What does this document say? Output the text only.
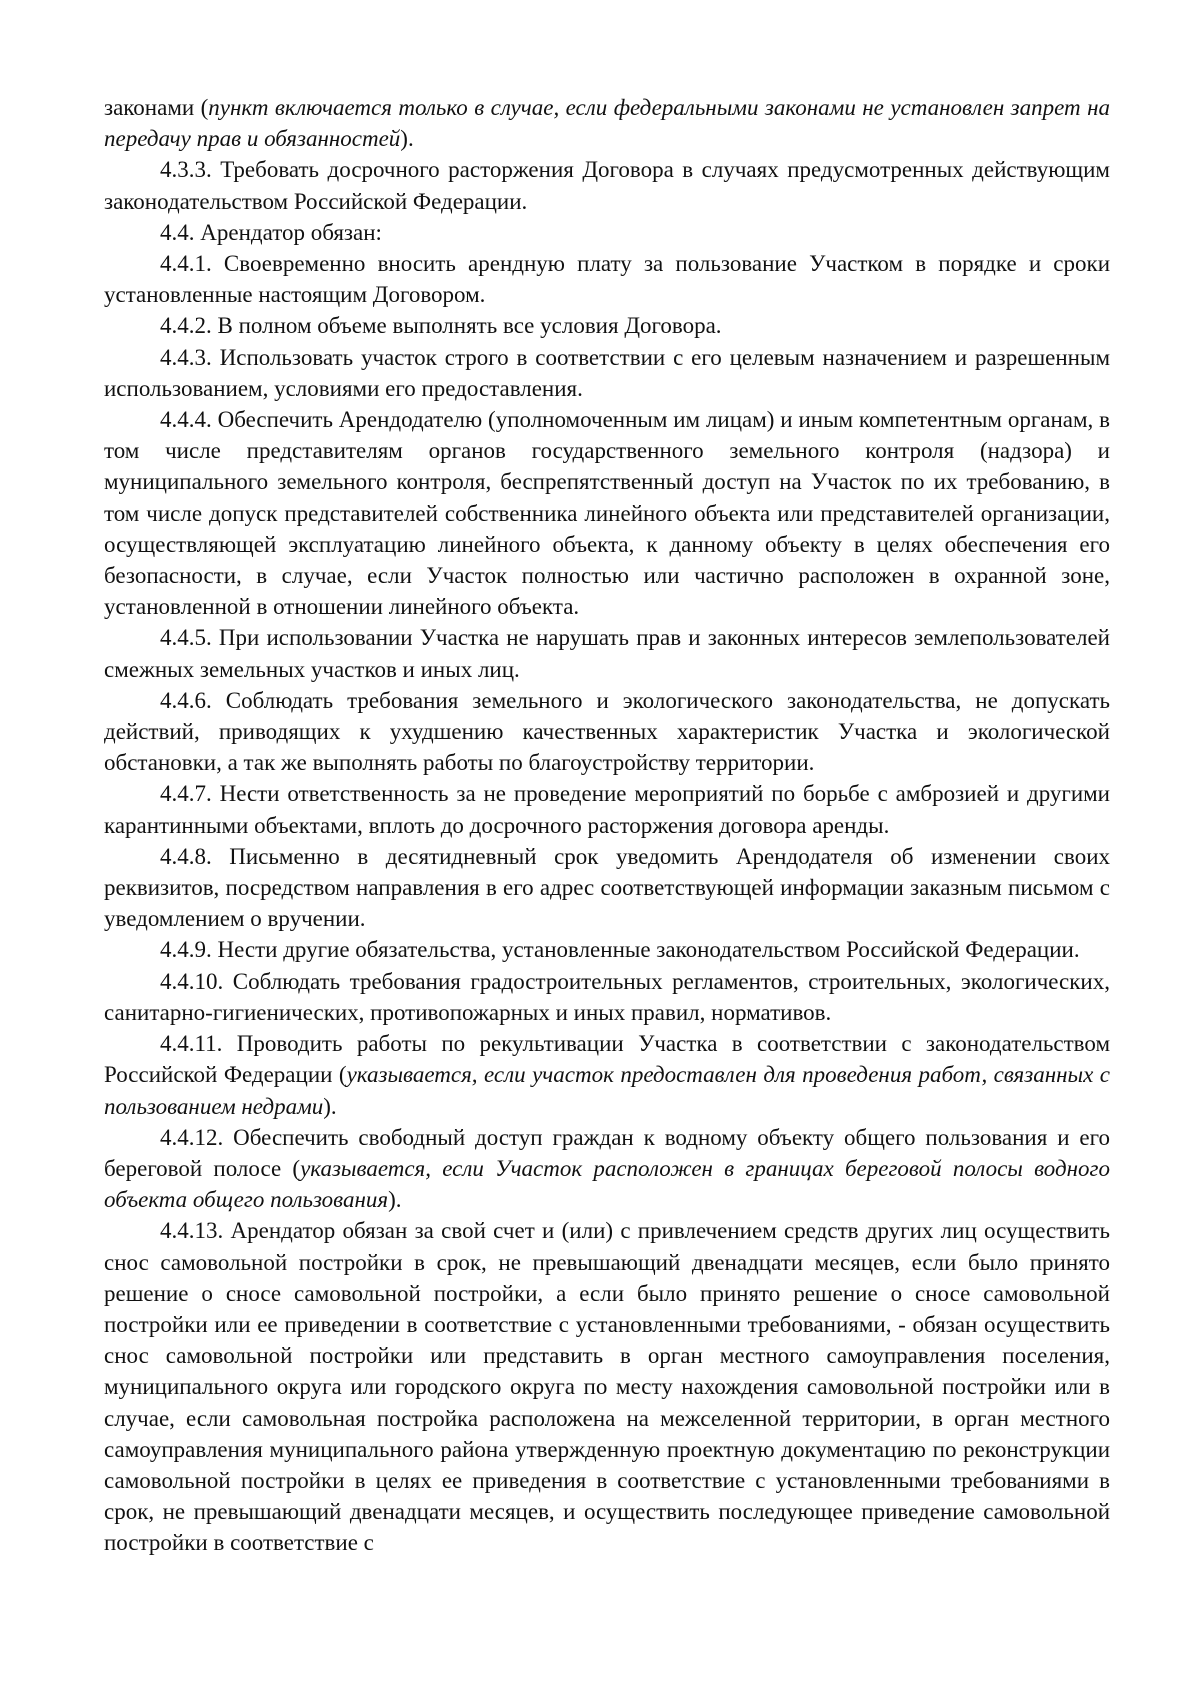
законами (пункт включается только в случае, если федеральными законами не установлен запрет на передачу прав и обязанностей).

4.3.3. Требовать досрочного расторжения Договора в случаях предусмотренных действующим законодательством Российской Федерации.

4.4. Арендатор обязан:

4.4.1. Своевременно вносить арендную плату за пользование Участком в порядке и сроки установленные настоящим Договором.

4.4.2. В полном объеме выполнять все условия Договора.

4.4.3. Использовать участок строго в соответствии с его целевым назначением и разрешенным использованием, условиями его предоставления.

4.4.4. Обеспечить Арендодателю (уполномоченным им лицам) и иным компетентным органам, в том числе представителям органов государственного земельного контроля (надзора) и муниципального земельного контроля, беспрепятственный доступ на Участок по их требованию, в том числе допуск представителей собственника линейного объекта или представителей организации, осуществляющей эксплуатацию линейного объекта, к данному объекту в целях обеспечения его безопасности, в случае, если Участок полностью или частично расположен в охранной зоне, установленной в отношении линейного объекта.

4.4.5. При использовании Участка не нарушать прав и законных интересов землепользователей смежных земельных участков и иных лиц.

4.4.6. Соблюдать требования земельного и экологического законодательства, не допускать действий, приводящих к ухудшению качественных характеристик Участка и экологической обстановки, а так же выполнять работы по благоустройству территории.

4.4.7. Нести ответственность за не проведение мероприятий по борьбе с амброзией и другими карантинными объектами, вплоть до досрочного расторжения договора аренды.

4.4.8. Письменно в десятидневный срок уведомить Арендодателя об изменении своих реквизитов, посредством направления в его адрес соответствующей информации заказным письмом с уведомлением о вручении.

4.4.9. Нести другие обязательства, установленные законодательством Российской Федерации.

4.4.10. Соблюдать требования градостроительных регламентов, строительных, экологических, санитарно-гигиенических, противопожарных и иных правил, нормативов.

4.4.11. Проводить работы по рекультивации Участка в соответствии с законодательством Российской Федерации (указывается, если участок предоставлен для проведения работ, связанных с пользованием недрами).

4.4.12. Обеспечить свободный доступ граждан к водному объекту общего пользования и его береговой полосе (указывается, если Участок расположен в границах береговой полосы водного объекта общего пользования).

4.4.13. Арендатор обязан за свой счет и (или) с привлечением средств других лиц осуществить снос самовольной постройки в срок, не превышающий двенадцати месяцев, если было принято решение о сносе самовольной постройки, а если было принято решение о сносе самовольной постройки или ее приведении в соответствие с установленными требованиями, - обязан осуществить снос самовольной постройки или представить в орган местного самоуправления поселения, муниципального округа или городского округа по месту нахождения самовольной постройки или в случае, если самовольная постройка расположена на межселенной территории, в орган местного самоуправления муниципального района утвержденную проектную документацию по реконструкции самовольной постройки в целях ее приведения в соответствие с установленными требованиями в срок, не превышающий двенадцати месяцев, и осуществить последующее приведение самовольной постройки в соответствие с
